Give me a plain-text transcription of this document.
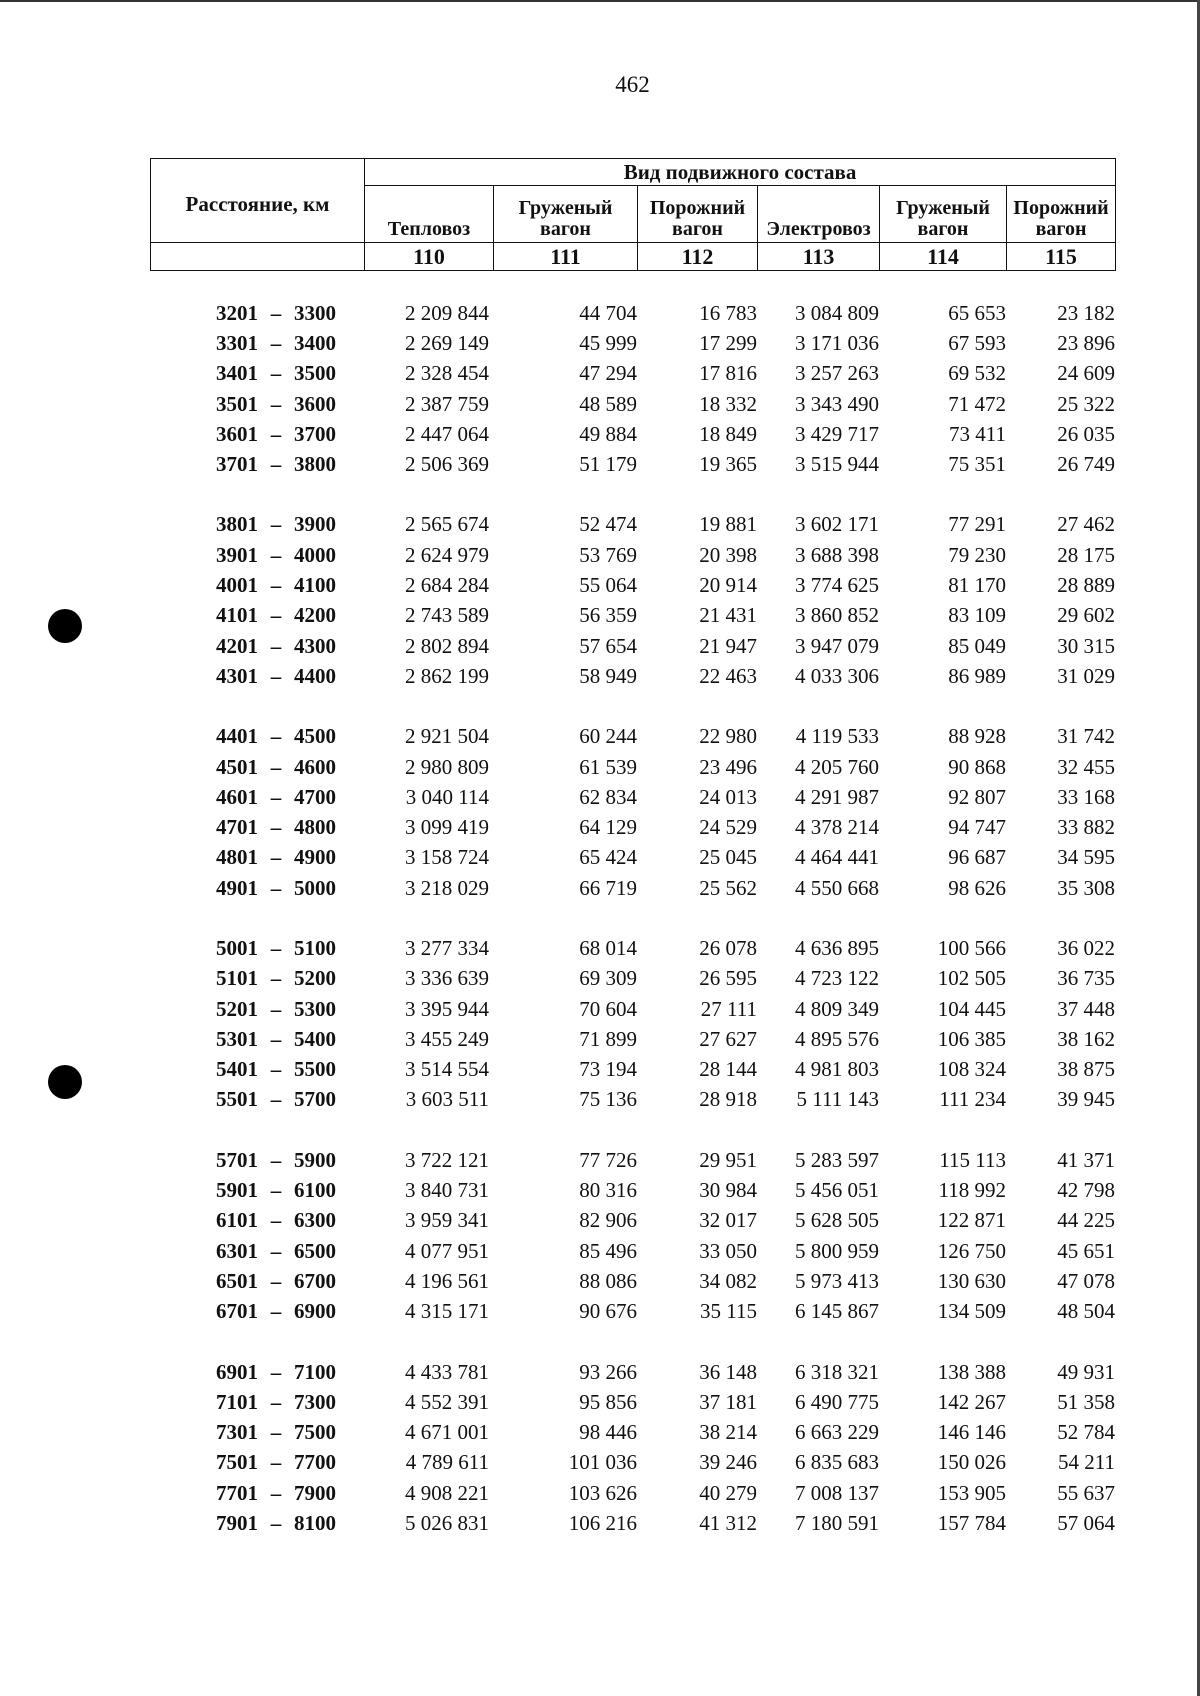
462
Расстояние, км	Вид подвижного состава					
	Тепловоз	Груженый вагон	Порожний вагон	Электровоз	Груженый вагон	Порожний вагон
	110	111	112	113	114	115
3201 – 3300	2 209 844	44 704	16 783	3 084 809	65 653	23 182
3301 – 3400	2 269 149	45 999	17 299	3 171 036	67 593	23 896
3401 – 3500	2 328 454	47 294	17 816	3 257 263	69 532	24 609
3501 – 3600	2 387 759	48 589	18 332	3 343 490	71 472	25 322
3601 – 3700	2 447 064	49 884	18 849	3 429 717	73 411	26 035
3701 – 3800	2 506 369	51 179	19 365	3 515 944	75 351	26 749

3801 – 3900	2 565 674	52 474	19 881	3 602 171	77 291	27 462
3901 – 4000	2 624 979	53 769	20 398	3 688 398	79 230	28 175
4001 – 4100	2 684 284	55 064	20 914	3 774 625	81 170	28 889
4101 – 4200	2 743 589	56 359	21 431	3 860 852	83 109	29 602
4201 – 4300	2 802 894	57 654	21 947	3 947 079	85 049	30 315
4301 – 4400	2 862 199	58 949	22 463	4 033 306	86 989	31 029

4401 – 4500	2 921 504	60 244	22 980	4 119 533	88 928	31 742
4501 – 4600	2 980 809	61 539	23 496	4 205 760	90 868	32 455
4601 – 4700	3 040 114	62 834	24 013	4 291 987	92 807	33 168
4701 – 4800	3 099 419	64 129	24 529	4 378 214	94 747	33 882
4801 – 4900	3 158 724	65 424	25 045	4 464 441	96 687	34 595
4901 – 5000	3 218 029	66 719	25 562	4 550 668	98 626	35 308

5001 – 5100	3 277 334	68 014	26 078	4 636 895	100 566	36 022
5101 – 5200	3 336 639	69 309	26 595	4 723 122	102 505	36 735
5201 – 5300	3 395 944	70 604	27 111	4 809 349	104 445	37 448
5301 – 5400	3 455 249	71 899	27 627	4 895 576	106 385	38 162
5401 – 5500	3 514 554	73 194	28 144	4 981 803	108 324	38 875
5501 – 5700	3 603 511	75 136	28 918	5 111 143	111 234	39 945

5701 – 5900	3 722 121	77 726	29 951	5 283 597	115 113	41 371
5901 – 6100	3 840 731	80 316	30 984	5 456 051	118 992	42 798
6101 – 6300	3 959 341	82 906	32 017	5 628 505	122 871	44 225
6301 – 6500	4 077 951	85 496	33 050	5 800 959	126 750	45 651
6501 – 6700	4 196 561	88 086	34 082	5 973 413	130 630	47 078
6701 – 6900	4 315 171	90 676	35 115	6 145 867	134 509	48 504

6901 – 7100	4 433 781	93 266	36 148	6 318 321	138 388	49 931
7101 – 7300	4 552 391	95 856	37 181	6 490 775	142 267	51 358
7301 – 7500	4 671 001	98 446	38 214	6 663 229	146 146	52 784
7501 – 7700	4 789 611	101 036	39 246	6 835 683	150 026	54 211
7701 – 7900	4 908 221	103 626	40 279	7 008 137	153 905	55 637
7901 – 8100	5 026 831	106 216	41 312	7 180 591	157 784	57 064
